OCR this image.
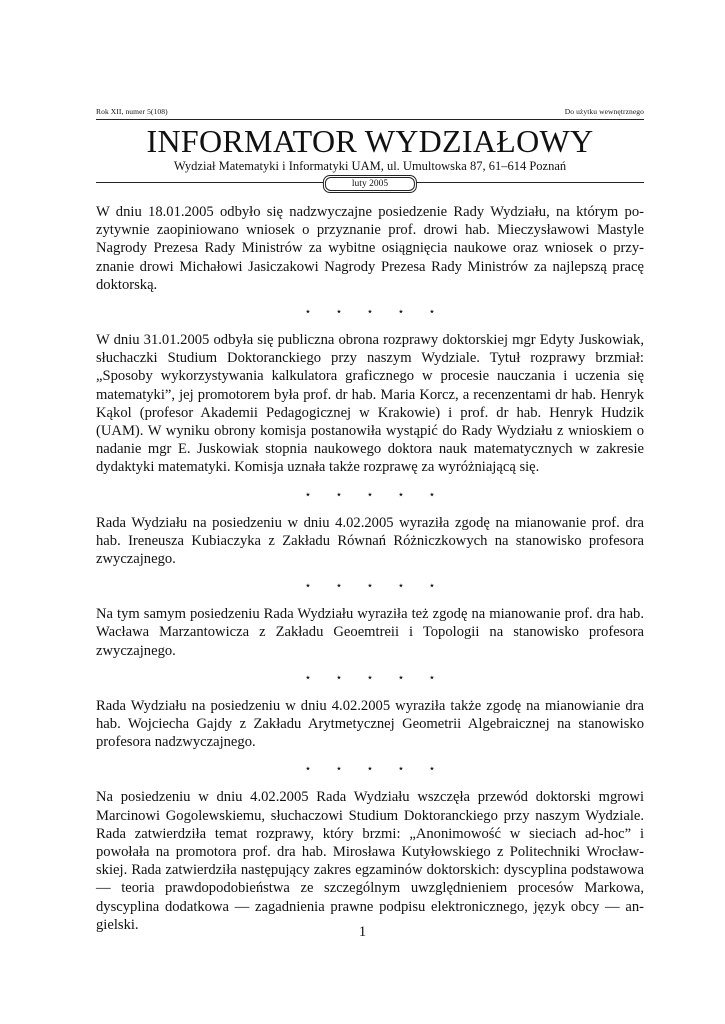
Rok XII, numer 5(108)	Do użytku wewnętrznego
INFORMATOR WYDZIAŁOWY
Wydział Matematyki i Informatyki UAM, ul. Umultowska 87, 61–614 Poznań
luty 2005

W dniu 18.01.2005 odbyło się nadzwyczajne posiedzenie Rady Wydziału, na którym pozytywnie zaopiniowano wniosek o przyznanie prof. drowi hab. Mieczysławowi Mastyle Nagrody Prezesa Rady Ministrów za wybitne osiągnięcia naukowe oraz wniosek o przyznanie drowi Michałowi Jasiczakowi Nagrody Prezesa Rady Ministrów za najlepszą pracę doktorską.

⋆ ⋆ ⋆ ⋆ ⋆

W dniu 31.01.2005 odbyła się publiczna obrona rozprawy doktorskiej mgr Edyty Juskowiak, słuchaczki Studium Doktoranckiego przy naszym Wydziale. Tytuł rozprawy brzmiał: „Sposoby wykorzystywania kalkulatora graficznego w procesie nauczania i uczenia się matematyki”, jej promotorem była prof. dr hab. Maria Korcz, a recenzentami dr hab. Henryk Kąkol (profesor Akademii Pedagogicznej w Krakowie) i prof. dr hab. Henryk Hudzik (UAM). W wyniku obrony komisja postanowiła wystąpić do Rady Wydziału z wnioskiem o nadanie mgr E. Juskowiak stopnia naukowego doktora nauk matematycznych w zakresie dydaktyki matematyki. Komisja uznała także rozprawę za wyróżniającą się.

⋆ ⋆ ⋆ ⋆ ⋆

Rada Wydziału na posiedzeniu w dniu 4.02.2005 wyraziła zgodę na mianowanie prof. dra hab. Ireneusza Kubiaczyka z Zakładu Równań Różniczkowych na stanowisko profesora zwyczajnego.

⋆ ⋆ ⋆ ⋆ ⋆

Na tym samym posiedzeniu Rada Wydziału wyraziła też zgodę na mianowanie prof. dra hab. Wacława Marzantowicza z Zakładu Geoemtreii i Topologii na stanowisko profesora zwyczajnego.

⋆ ⋆ ⋆ ⋆ ⋆

Rada Wydziału na posiedzeniu w dniu 4.02.2005 wyraziła także zgodę na mianowianie dra hab. Wojciecha Gajdy z Zakładu Arytmetycznej Geometrii Algebraicznej na stanowisko profesora nadzwyczajnego.

⋆ ⋆ ⋆ ⋆ ⋆

Na posiedzeniu w dniu 4.02.2005 Rada Wydziału wszczęła przewód doktorski mgrowi Marcinowi Gogolewskiemu, słuchaczowi Studium Doktoranckiego przy naszym Wydziale. Rada zatwierdziła temat rozprawy, który brzmi: „Anonimowość w sieciach ad-hoc” i powołała na promotora prof. dra hab. Mirosława Kutyłowskiego z Politechniki Wrocławskiej. Rada zatwierdziła następujący zakres egzaminów doktorskich: dyscyplina podstawowa — teoria prawdopodobieństwa ze szczególnym uwzględnieniem procesów Markowa, dyscyplina dodatkowa — zagadnienia prawne podpisu elektronicznego, język obcy — angielski.	1
